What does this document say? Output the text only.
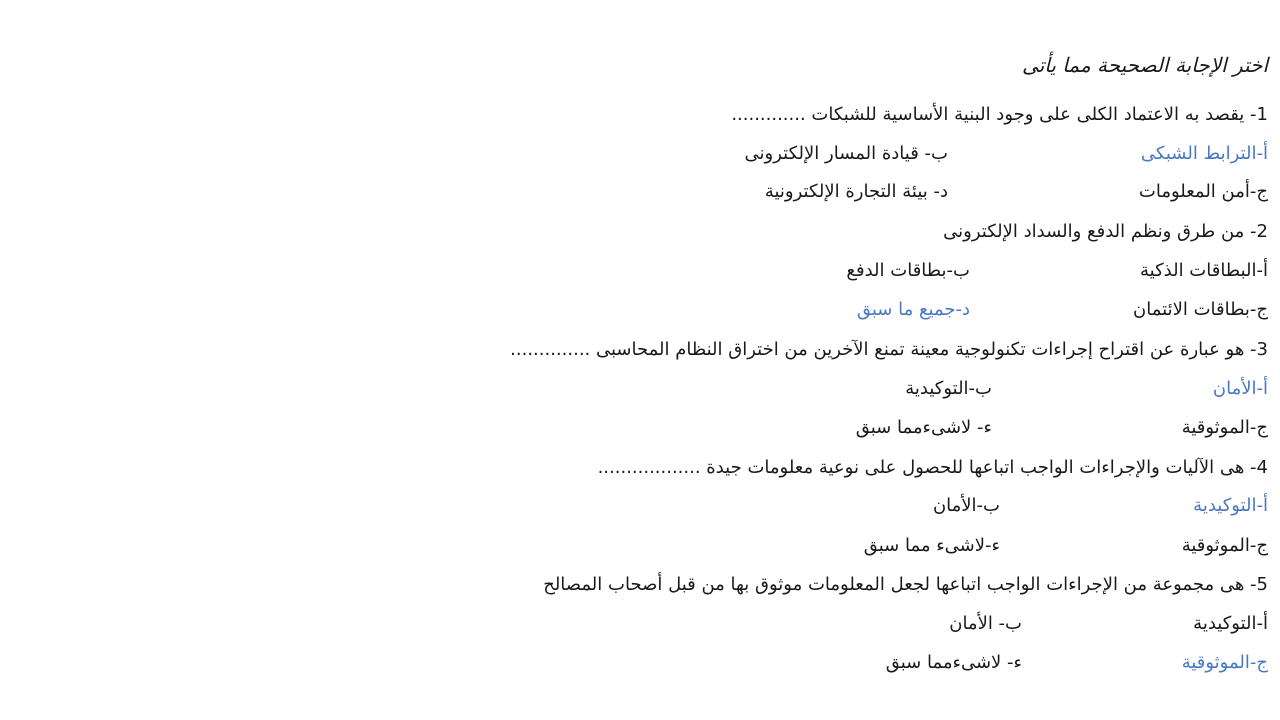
اختر الإجابة الصحيحة مما يأتى
1- يقصد به الاعتماد الكلى على وجود البنية الأساسية للشبكات .............
أ-الترابط الشبكى
ب- قيادة المسار الإلكترونى
ج-أمن المعلومات
د- بيئة التجارة الإلكترونية
2- من طرق ونظم الدفع والسداد الإلكترونى
أ-البطاقات الذكية
ب-بطاقات الدفع
ج-بطاقات الائتمان
د-جميع ما سبق
3- هو عبارة عن اقتراح إجراءات تكنولوجية معينة تمنع الآخرين من اختراق النظام المحاسبى ..............
أ-الأمان
ب-التوكيدية
ج-الموثوقية
ء- لاشىءمما سبق
4- هى الآليات والإجراءات الواجب اتباعها للحصول على نوعية معلومات جيدة ..................
أ-التوكيدية
ب-الأمان
ج-الموثوقية
ء-لاشىء مما سبق
5- هى مجموعة من الإجراءات الواجب اتباعها لجعل المعلومات موثوق بها من قبل أصحاب المصالح
أ-التوكيدية
ب- الأمان
ج-الموثوقية
ء- لاشىءمما سبق
